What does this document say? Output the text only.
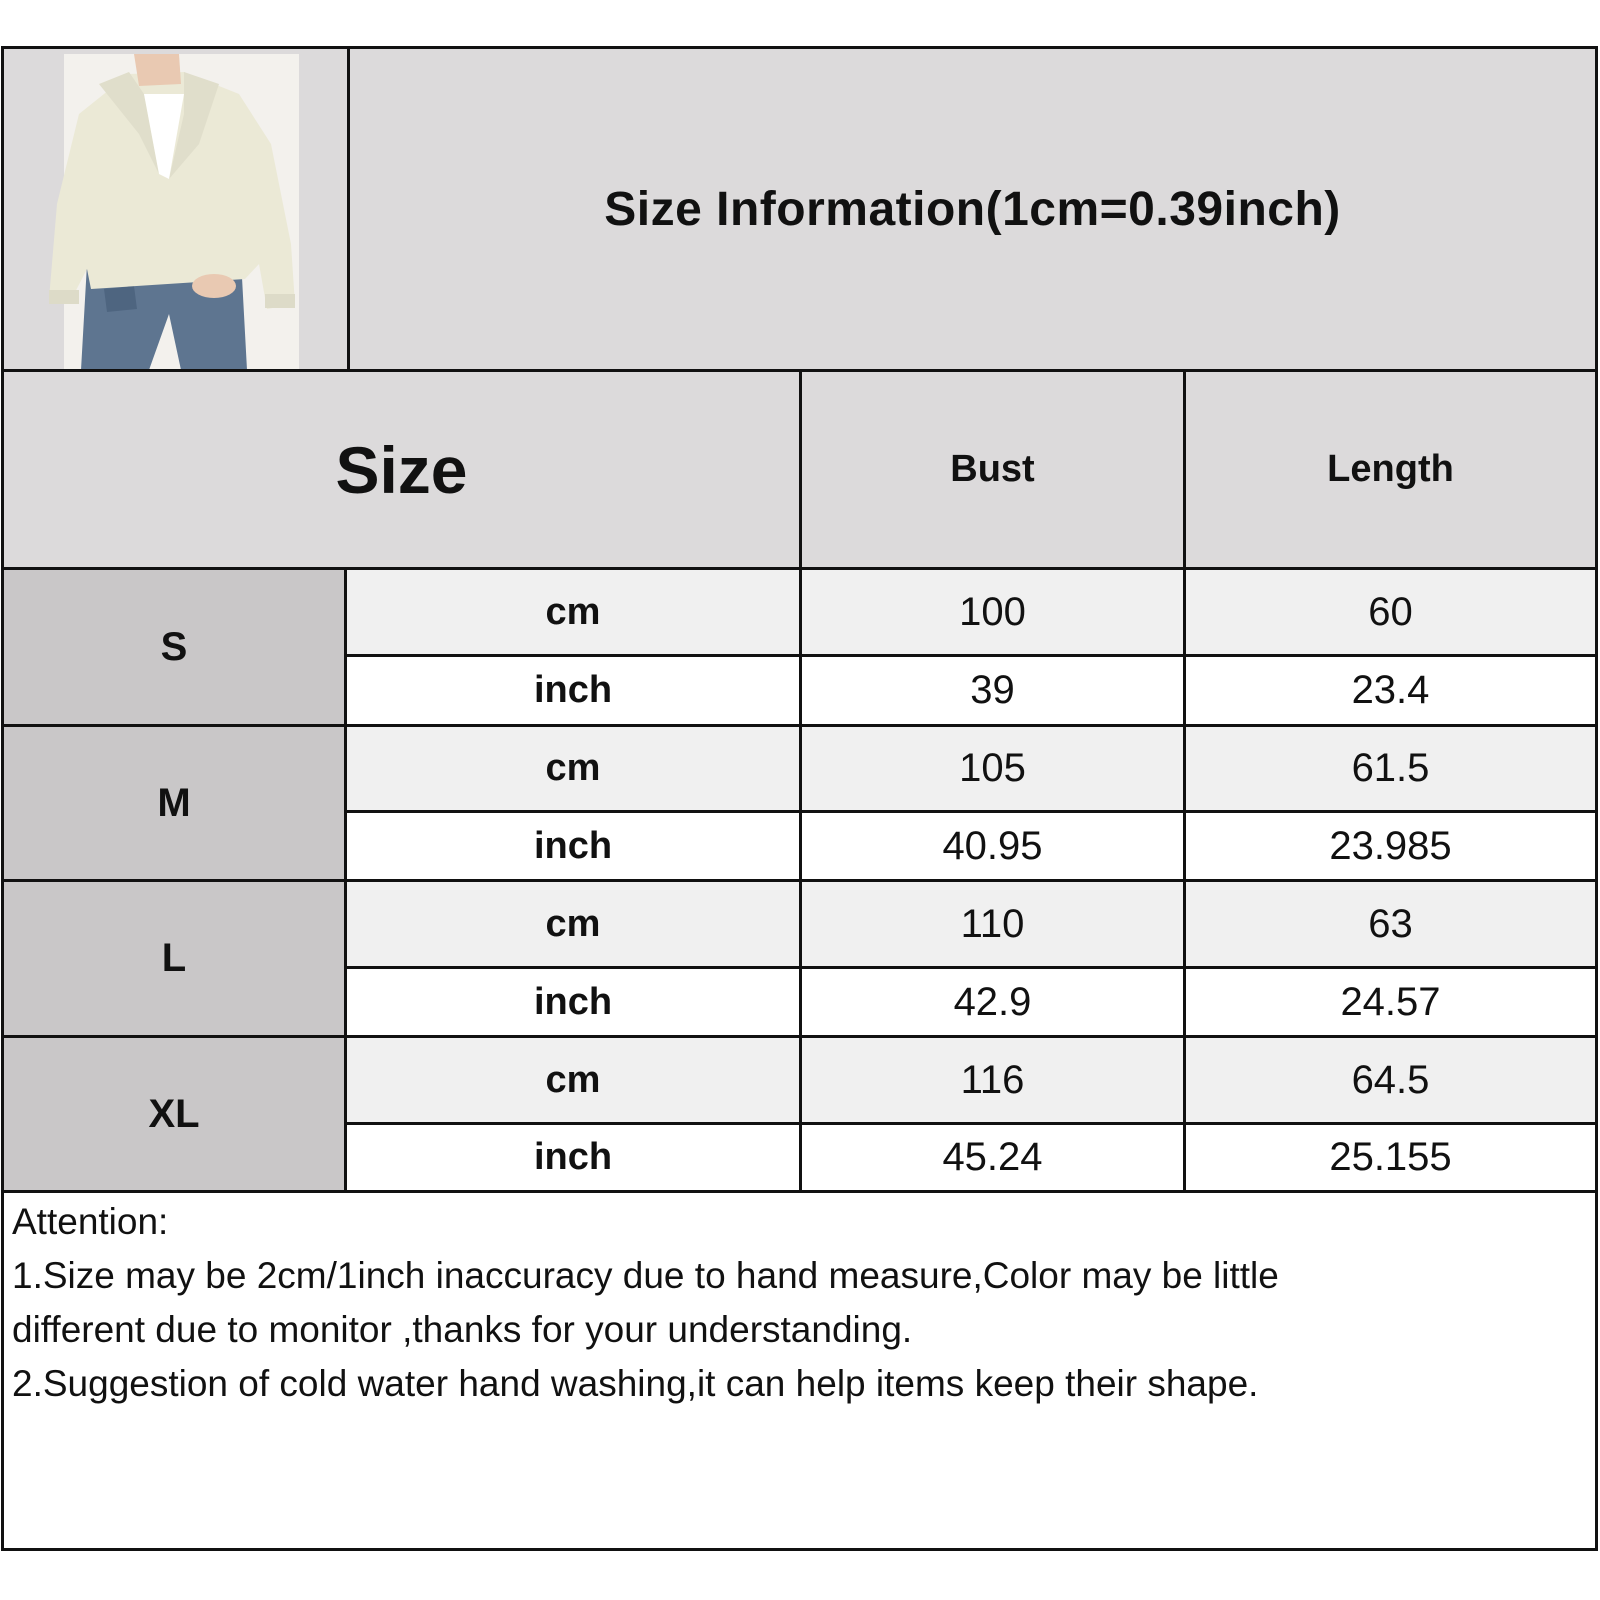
Size Information(1cm=0.39inch)
Size	Bust	Length
S
cm	100	60
inch	39	23.4
M
cm	105	61.5
inch	40.95	23.985
L
cm	110	63
inch	42.9	24.57
XL
cm	116	64.5
inch	45.24	25.155
Attention:
1.Size may be 2cm/1inch inaccuracy due to hand measure,Color may be little
different due to monitor ,thanks for your understanding.
2.Suggestion of cold water hand washing,it can help items keep their shape.
